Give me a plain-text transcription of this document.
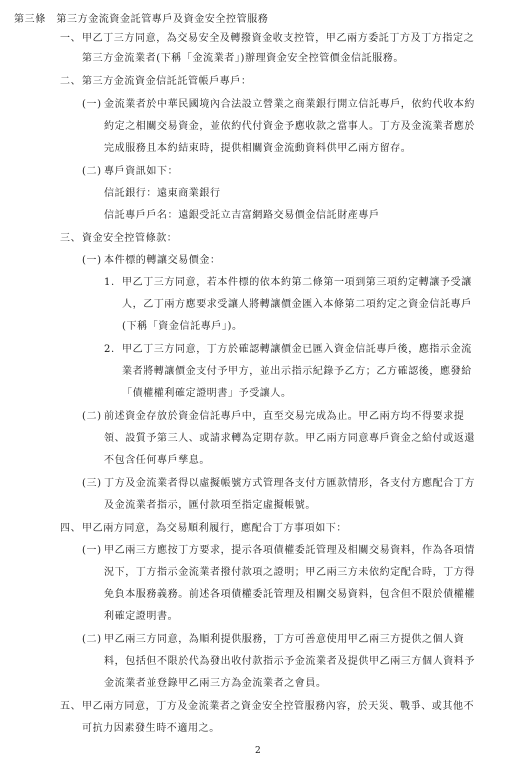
第三條　第三方金流資金託管專戶及資金安全控管服務
一、 甲乙丁三方同意，為交易安全及轉撥資金收支控管，甲乙兩方委託丁方及丁方指定之
第三方金流業者(下稱「金流業者」)辦理資金安全控管價金信託服務。
二、 第三方金流資金信託託管帳戶專戶：
(一) 金流業者於中華民國境內合法設立營業之商業銀行開立信託專戶，依約代收本約
約定之相關交易資金，並依約代付資金予應收款之當事人。丁方及金流業者應於
完成服務且本約結束時，提供相關資金流動資料供甲乙兩方留存。
(二) 專戶資訊如下：
信託銀行：遠東商業銀行
信託專戶戶名：遠銀受託立吉富網路交易價金信託財產專戶
三、 資金安全控管條款：
(一) 本件標的轉讓交易價金：
1. 甲乙丁三方同意，若本件標的依本約第二條第一項到第三項約定轉讓予受讓
人，乙丁兩方應要求受讓人將轉讓價金匯入本條第二項約定之資金信託專戶
(下稱「資金信託專戶」)。
2. 甲乙丁三方同意，丁方於確認轉讓價金已匯入資金信託專戶後，應指示金流
業者將轉讓價金支付予甲方，並出示指示紀錄予乙方；乙方確認後，應發給
「債權權利確定證明書」予受讓人。
(二) 前述資金存放於資金信託專戶中，直至交易完成為止。甲乙兩方均不得要求提
領、設質予第三人、或請求轉為定期存款。甲乙兩方同意專戶資金之給付或返還
不包含任何專戶孳息。
(三) 丁方及金流業者得以虛擬帳號方式管理各支付方匯款情形，各支付方應配合丁方
及金流業者指示，匯付款項至指定虛擬帳號。
四、 甲乙兩方同意，為交易順利履行，應配合丁方事項如下：
(一) 甲乙兩三方應按丁方要求，提示各項債權委託管理及相關交易資料，作為各項情
況下，丁方指示金流業者撥付款項之證明；甲乙兩三方未依約定配合時，丁方得
免負本服務義務。前述各項債權委託管理及相關交易資料，包含但不限於債權權
利確定證明書。
(二) 甲乙兩三方同意，為順利提供服務，丁方可善意使用甲乙兩三方提供之個人資
料，包括但不限於代為發出收付款指示予金流業者及提供甲乙兩三方個人資料予
金流業者並登錄甲乙兩三方為金流業者之會員。
五、 甲乙兩方同意，丁方及金流業者之資金安全控管服務內容，於天災、戰爭、或其他不
可抗力因素發生時不適用之。
2
